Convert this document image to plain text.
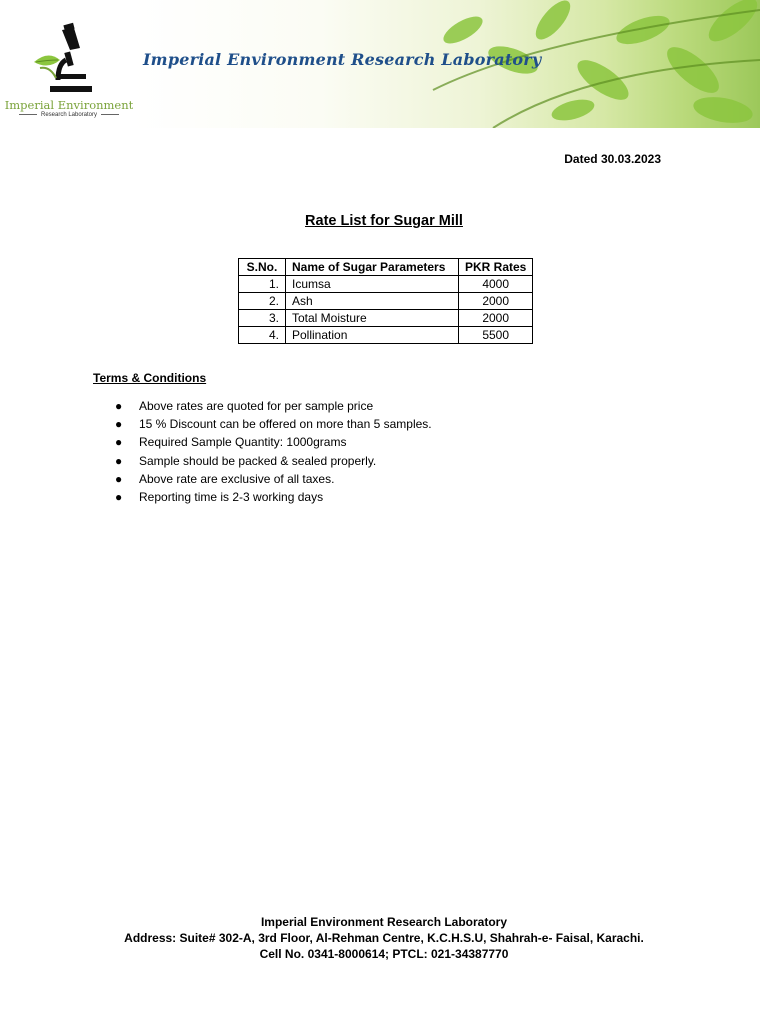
Imperial Environment
Research Laboratory
Imperial Environment Research Laboratory
Dated 30.03.2023
Rate List for Sugar Mill
S.No.	Name of Sugar Parameters	PKR Rates
1.	Icumsa	4000
2.	Ash	2000
3.	Total Moisture	2000
4.	Pollination	5500
Terms & Conditions
● Above rates are quoted for per sample price
● 15 % Discount can be offered on more than 5 samples.
● Required Sample Quantity: 1000grams
● Sample should be packed & sealed properly.
● Above rate are exclusive of all taxes.
● Reporting time is 2-3 working days
Imperial Environment Research Laboratory
Address: Suite# 302-A, 3rd Floor, Al-Rehman Centre, K.C.H.S.U, Shahrah-e- Faisal, Karachi.
Cell No. 0341-8000614; PTCL: 021-34387770
